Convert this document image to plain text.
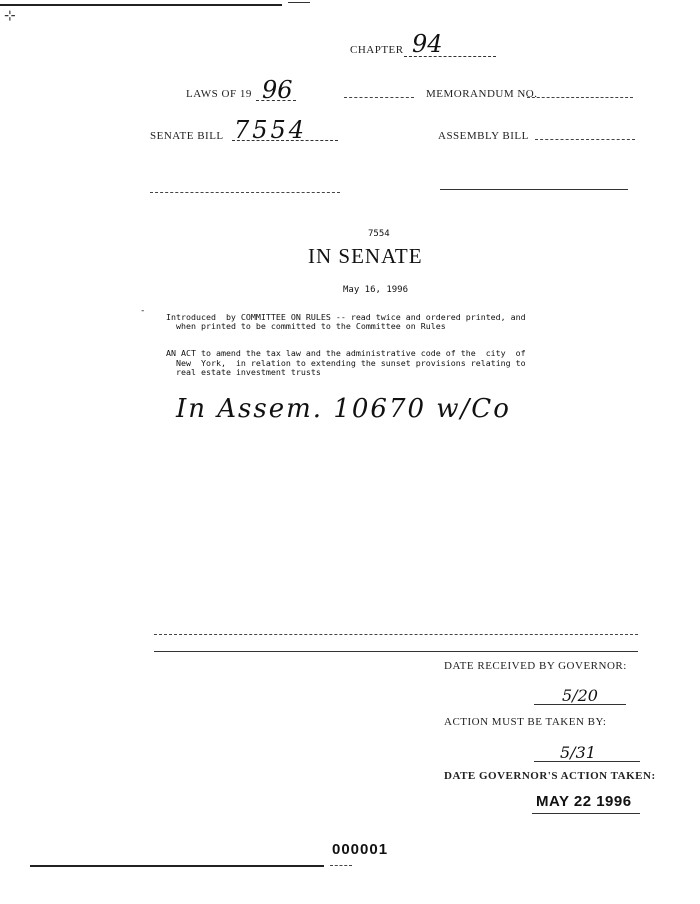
⊹
CHAPTER 94
LAWS OF 19 96	MEMORANDUM NO.
SENATE BILL 7554	ASSEMBLY BILL
7554
IN SENATE
May 16, 1996
-
Introduced  by COMMITTEE ON RULES -- read twice and ordered printed, and
when printed to be committed to the Committee on Rules
AN ACT to amend the tax law and the administrative code of the  city  of
New  York,  in relation to extending the sunset provisions relating to
real estate investment trusts
In Assem. 10670 w/Co
DATE RECEIVED BY GOVERNOR:
5/20
ACTION MUST BE TAKEN BY:
5/31
DATE GOVERNOR'S ACTION TAKEN:
MAY 22 1996
000001
